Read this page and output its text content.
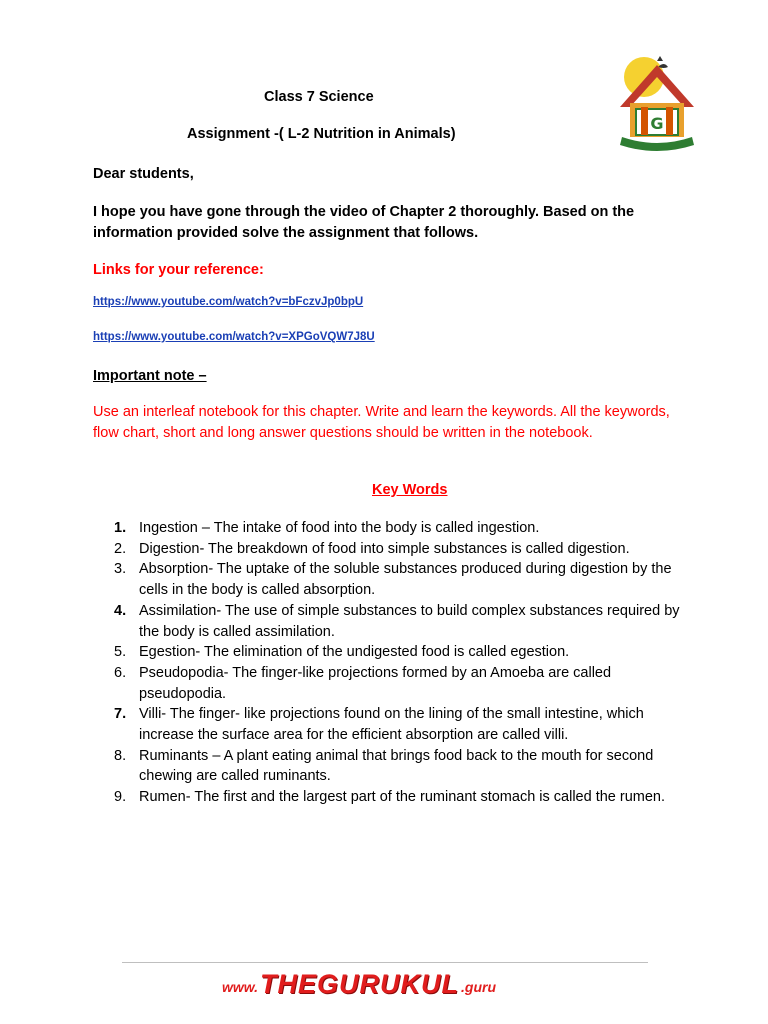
G
Class 7 Science
Assignment -( L-2 Nutrition in Animals)
Dear students,
I hope you have gone through the video of Chapter 2 thoroughly. Based on the information provided solve the assignment that follows.
Links for your reference:
https://www.youtube.com/watch?v=bFczvJp0bpU
https://www.youtube.com/watch?v=XPGoVQW7J8U
Important note –
Use an interleaf notebook for this chapter. Write and learn the keywords. All the keywords, flow chart, short and long answer questions should be written in the notebook.
Key Words
1. Ingestion – The intake of food into the body is called ingestion.
2. Digestion- The breakdown of food into simple substances is called digestion.
3. Absorption- The uptake of the soluble substances produced during digestion by the cells in the body is called absorption.
4. Assimilation- The use of simple substances to build complex substances required by the body is called assimilation.
5. Egestion- The elimination of the undigested food is called egestion.
6. Pseudopodia- The finger-like projections formed by an Amoeba are called pseudopodia.
7. Villi- The finger- like projections found on the lining of the small intestine, which increase the surface area for the efficient absorption are called villi.
8. Ruminants – A plant eating animal that brings food back to the mouth for second chewing are called ruminants.
9. Rumen- The first and the largest part of the ruminant stomach is called the rumen.
www. THEGURUKUL .guru
